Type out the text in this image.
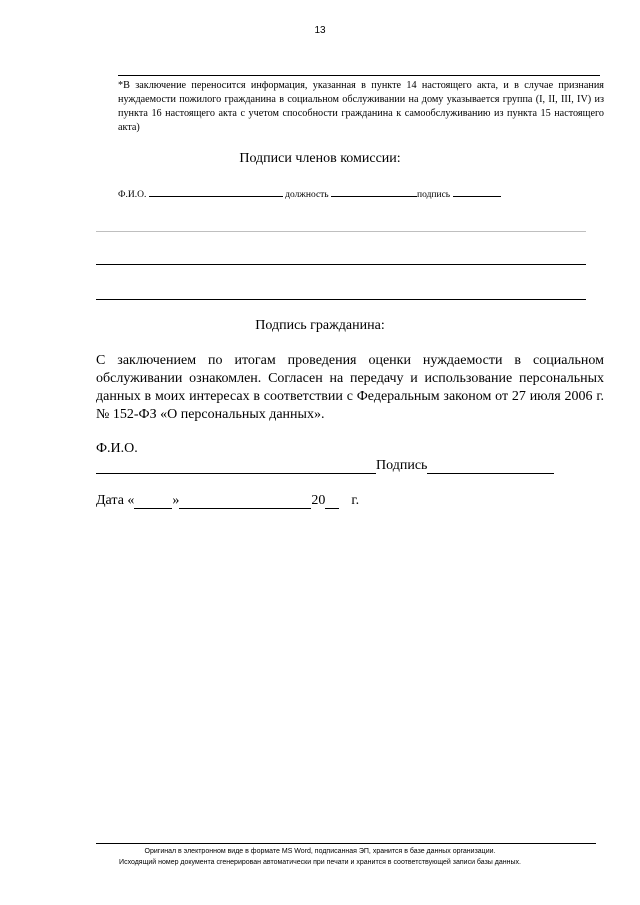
13
*В заключение переносится информация, указанная в пункте 14 настоящего акта, и в случае признания нуждаемости пожилого гражданина в социальном обслуживании на дому указывается группа (I, II, III, IV) из пункта 16 настоящего акта с учетом способности гражданина к самообслуживанию из пункта 15 настоящего акта)
Подписи членов комиссии:
Ф.И.О.	должность	подпись
Подпись гражданина:
С заключением по итогам проведения оценки нуждаемости в социальном обслуживании ознакомлен. Согласен на передачу и использование персональных данных в моих интересах в соответствии с Федеральным законом от 27 июля 2006 г. № 152-ФЗ «О персональных данных».
Ф.И.О.
Подпись
Дата «	»	20 г.
Оригинал в электронном виде в формате MS Word, подписанная ЭП, хранится в базе данных организации.
Исходящий номер документа сгенерирован автоматически при печати и хранится в соответствующей записи базы данных.
